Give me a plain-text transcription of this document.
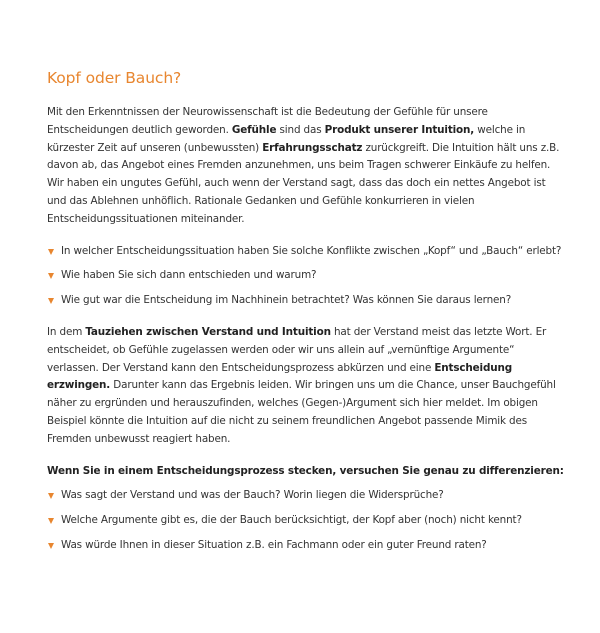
Kopf oder Bauch?

Mit den Erkenntnissen der Neurowissenschaft ist die Bedeutung der Gefühle für unsere Entscheidungen deutlich geworden. Gefühle sind das Produkt unserer Intuition, welche in kürzester Zeit auf unseren (unbewussten) Erfahrungsschatz zurückgreift. Die Intuition hält uns z.B. davon ab, das Angebot eines Fremden anzunehmen, uns beim Tragen schwerer Einkäufe zu helfen. Wir haben ein ungutes Gefühl, auch wenn der Verstand sagt, dass das doch ein nettes Angebot ist und das Ablehnen unhöflich. Rationale Gedanken und Gefühle konkurrieren in vielen Entscheidungssituationen miteinander.

In welcher Entscheidungssituation haben Sie solche Konflikte zwischen „Kopf“ und „Bauch“ erlebt?
Wie haben Sie sich dann entschieden und warum?
Wie gut war die Entscheidung im Nachhinein betrachtet? Was können Sie daraus lernen?

In dem Tauziehen zwischen Verstand und Intuition hat der Verstand meist das letzte Wort. Er entscheidet, ob Gefühle zugelassen werden oder wir uns allein auf „vernünftige Argumente“ verlassen. Der Verstand kann den Entscheidungsprozess abkürzen und eine Entscheidung erzwingen. Darunter kann das Ergebnis leiden. Wir bringen uns um die Chance, unser Bauchgefühl näher zu ergründen und herauszufinden, welches (Gegen-)Argument sich hier meldet. Im obigen Beispiel könnte die Intuition auf die nicht zu seinem freundlichen Angebot passende Mimik des Fremden unbewusst reagiert haben.

Wenn Sie in einem Entscheidungsprozess stecken, versuchen Sie genau zu differenzieren:

Was sagt der Verstand und was der Bauch? Worin liegen die Widersprüche?
Welche Argumente gibt es, die der Bauch berücksichtigt, der Kopf aber (noch) nicht kennt?
Was würde Ihnen in dieser Situation z.B. ein Fachmann oder ein guter Freund raten?
